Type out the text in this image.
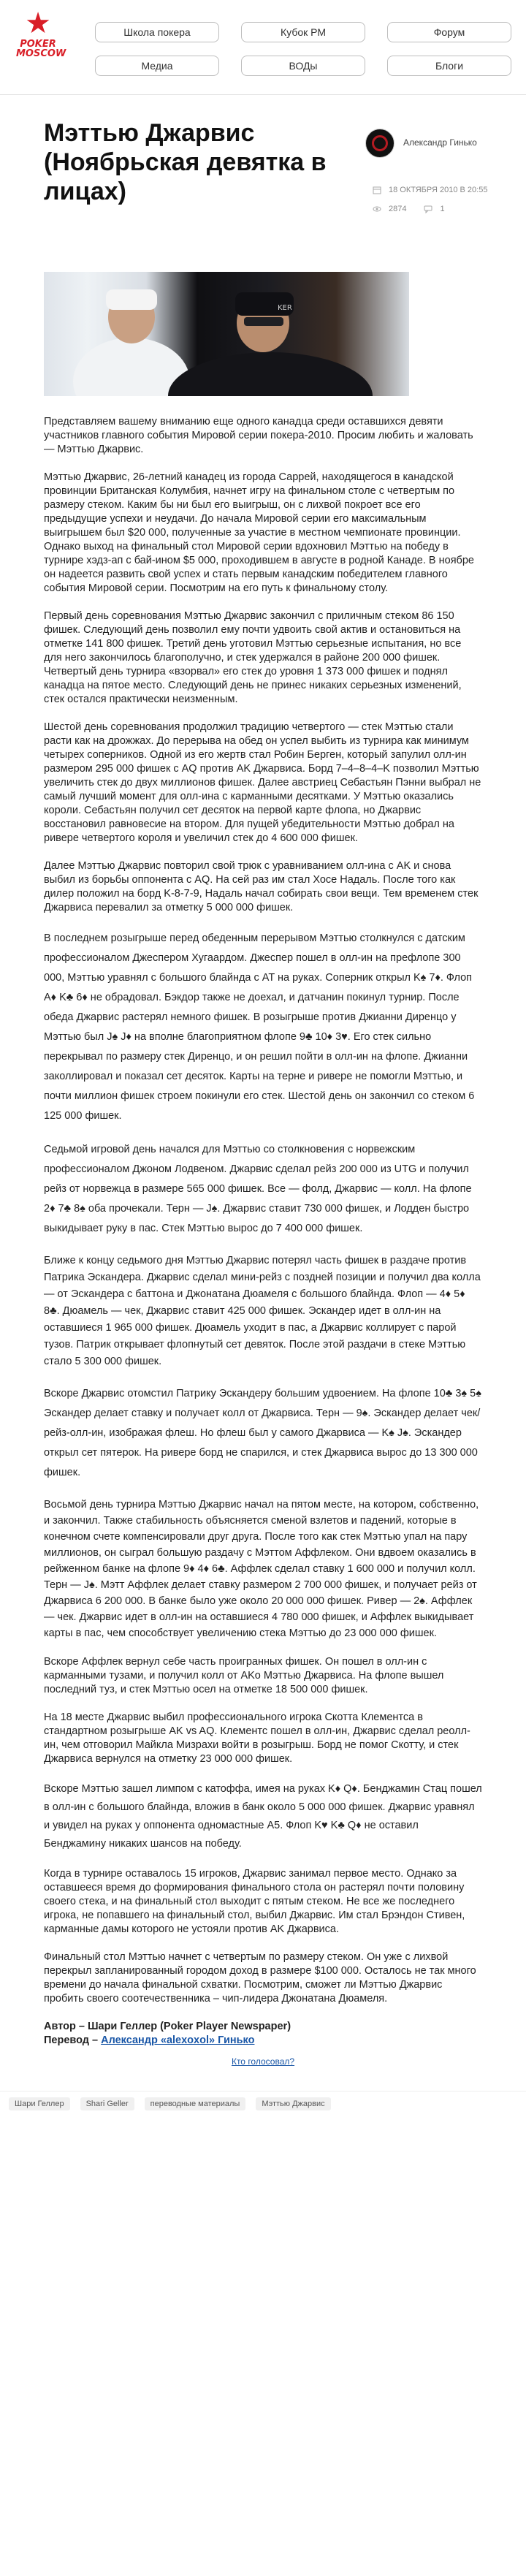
★
POKER
MOSCOW
Школа покера	Кубок РМ	Форум
Медиа	ВОДы	Блоги
Мэттью Джарвис (Ноябрьская девятка в лицах)
Александр Гинько
18 ОКТЯБРЯ 2010 В 20:55
2874	1
KER

Представляем вашему вниманию еще одного канадца среди оставшихся девяти участников главного события Мировой серии покера-2010. Просим любить и жаловать — Мэттью Джарвис.

Мэттью Джарвис, 26-летний канадец из города Саррей, находящегося в канадской провинции Британская Колумбия, начнет игру на финальном столе с четвертым по размеру стеком. Каким бы ни был его выигрыш, он с лихвой покроет все его предыдущие успехи и неудачи. До начала Мировой серии его максимальным выигрышем был $20 000, полученные за участие в местном чемпионате провинции. Однако выход на финальный стол Мировой серии вдохновил Мэттью на победу в турнире хэдз-ап с бай-ином $5 000, проходившем в августе в родной Канаде. В ноябре он надеется развить свой успех и стать первым канадским победителем главного события Мировой серии. Посмотрим на его путь к финальному столу.

Первый день соревнования Мэттью Джарвис закончил с приличным стеком 86 150 фишек. Следующий день позволил ему почти удвоить свой актив и остановиться на отметке 141 800 фишек. Третий день уготовил Мэттью серьезные испытания, но все для него закончилось благополучно, и стек удержался в районе 200 000 фишек. Четвертый день турнира «взорвал» его стек до уровня 1 373 000 фишек и поднял канадца на пятое место. Следующий день не принес никаких серьезных изменений, стек остался практически неизменным.

Шестой день соревнования продолжил традицию четвертого — стек Мэттью стали расти как на дрожжах. До перерыва на обед он успел выбить из турнира как минимум четырех соперников. Одной из его жертв стал Робин Берген, который запулил олл-ин размером 295 000 фишек с AQ против AK Джарвиса. Борд 7–4–8–4–K позволил Мэттью увеличить стек до двух миллионов фишек. Далее австриец Себастьян Пэнни выбрал не самый лучший момент для олл-ина с карманными десятками. У Мэттью оказались короли. Себастьян получил сет десяток на первой карте флопа, но Джарвис восстановил равновесие на втором. Для пущей убедительности Мэттью добрал на ривере четвертого короля и увеличил стек до 4 600 000 фишек.

Далее Мэттью Джарвис повторил свой трюк с уравниванием олл-ина с AK и снова выбил из борьбы оппонента с AQ. На сей раз им стал Хосе Надаль. После того как дилер положил на борд K-8-7-9, Надаль начал собирать свои вещи. Тем временем стек Джарвиса перевалил за отметку 5 000 000 фишек.

В последнем розыгрыше перед обеденным перерывом Мэттью столкнулся с датским профессионалом Джеспером Хугаардом. Джеспер пошел в олл-ин на префлопе 300 000, Мэттью уравнял с большого блайнда с AT на руках. Соперник открыл K♠ 7♦. Флоп A♦ K♣ 6♦ не обрадовал. Бэкдор также не доехал, и датчанин покинул турнир. После обеда Джарвис растерял немного фишек. В розыгрыше против Джианни Диренцо у Мэттью был J♠ J♦ на вполне благоприятном флопе 9♣ 10♦ 3♥. Его стек сильно перекрывал по размеру стек Диренцо, и он решил пойти в олл-ин на флопе. Джианни заколлировал и показал сет десяток. Карты на терне и ривере не помогли Мэттью, и почти миллион фишек строем покинули его стек. Шестой день он закончил со стеком 6 125 000 фишек.

Седьмой игровой день начался для Мэттью со столкновения с норвежским профессионалом Джоном Лодвеном. Джарвис сделал рейз 200 000 из UTG и получил рейз от норвежца в размере 565 000 фишек. Все — фолд, Джарвис — колл. На флопе 2♦ 7♣ 8♠ оба прочекали. Терн — J♠. Джарвис ставит 730 000 фишек, и Лодден быстро выкидывает руку в пас. Стек Мэттью вырос до 7 400 000 фишек.

Ближе к концу седьмого дня Мэттью Джарвис потерял часть фишек в раздаче против Патрика Эскандера. Джарвис сделал мини-рейз с поздней позиции и получил два колла — от Эскандера с баттона и Джонатана Дюамеля с большого блайнда. Флоп — 4♦ 5♦ 8♣. Дюамель — чек, Джарвис ставит 425 000 фишек. Эскандер идет в олл-ин на оставшиеся 1 965 000 фишек. Дюамель уходит в пас, а Джарвис коллирует с парой тузов. Патрик открывает флопнутый сет девяток. После этой раздачи в стеке Мэттью стало 5 300 000 фишек.

Вскоре Джарвис отомстил Патрику Эскандеру большим удвоением. На флопе 10♣ 3♠ 5♠ Эскандер делает ставку и получает колл от Джарвиса. Терн — 9♠. Эскандер делает чек/рейз-олл-ин, изображая флеш. Но флеш был у самого Джарвиса — K♠ J♠. Эскандер открыл сет пятерок. На ривере борд не спарился, и стек Джарвиса вырос до 13 300 000 фишек.

Восьмой день турнира Мэттью Джарвис начал на пятом месте, на котором, собственно, и закончил. Также стабильность объясняется сменой взлетов и падений, которые в конечном счете компенсировали друг друга. После того как стек Мэттью упал на пару миллионов, он сыграл большую раздачу с Мэттом Аффлеком. Они вдвоем оказались в рейженном банке на флопе 9♦ 4♦ 6♣. Аффлек сделал ставку 1 600 000 и получил колл. Терн — J♠. Мэтт Аффлек делает ставку размером 2 700 000 фишек, и получает рейз от Джарвиса 6 200 000. В банке было уже около 20 000 000 фишек. Ривер — 2♠. Аффлек — чек. Джарвис идет в олл-ин на оставшиеся 4 780 000 фишек, и Аффлек выкидывает карты в пас, чем способствует увеличению стека Мэттью до 23 000 000 фишек.

Вскоре Аффлек вернул себе часть проигранных фишек. Он пошел в олл-ин с карманными тузами, и получил колл от AKo Мэттью Джарвиса. На флопе вышел последний туз, и стек Мэттью осел на отметке 18 500 000 фишек.

На 18 месте Джарвис выбил профессионального игрока Скотта Клементса в стандартном розыгрыше AK vs AQ. Клементс пошел в олл-ин, Джарвис сделал реолл-ин, чем отговорил Майкла Мизрахи войти в розыгрыш. Борд не помог Скотту, и стек Джарвиса вернулся на отметку 23 000 000 фишек.

Вскоре Мэттью зашел лимпом с катоффа, имея на руках K♦ Q♦. Бенджамин Стац пошел в олл-ин с большого блайнда, вложив в банк около 5 000 000 фишек. Джарвис уравнял и увидел на руках у оппонента одномастные A5. Флоп K♥ K♣ Q♦ не оставил Бенджамину никаких шансов на победу.

Когда в турнире оставалось 15 игроков, Джарвис занимал первое место. Однако за оставшееся время до формирования финального стола он растерял почти половину своего стека, и на финальный стол выходит с пятым стеком. Не все же последнего игрока, не попавшего на финальный стол, выбил Джарвис. Им стал Брэндон Стивен, карманные дамы которого не устояли против AK Джарвиса.

Финальный стол Мэттью начнет с четвертым по размеру стеком. Он уже с лихвой перекрыл запланированный городом доход в размере $100 000. Осталось не так много времени до начала финальной схватки. Посмотрим, сможет ли Мэттью Джарвис пробить своего соотечественника – чип-лидера Джонатана Дюамеля.

Автор – Шари Геллер (Poker Player Newspaper)
Перевод – Александр «alexoxol» Гинько
Кто голосовал?
Шари Геллер	Shari Geller	переводные материалы	Мэттью Джарвис
